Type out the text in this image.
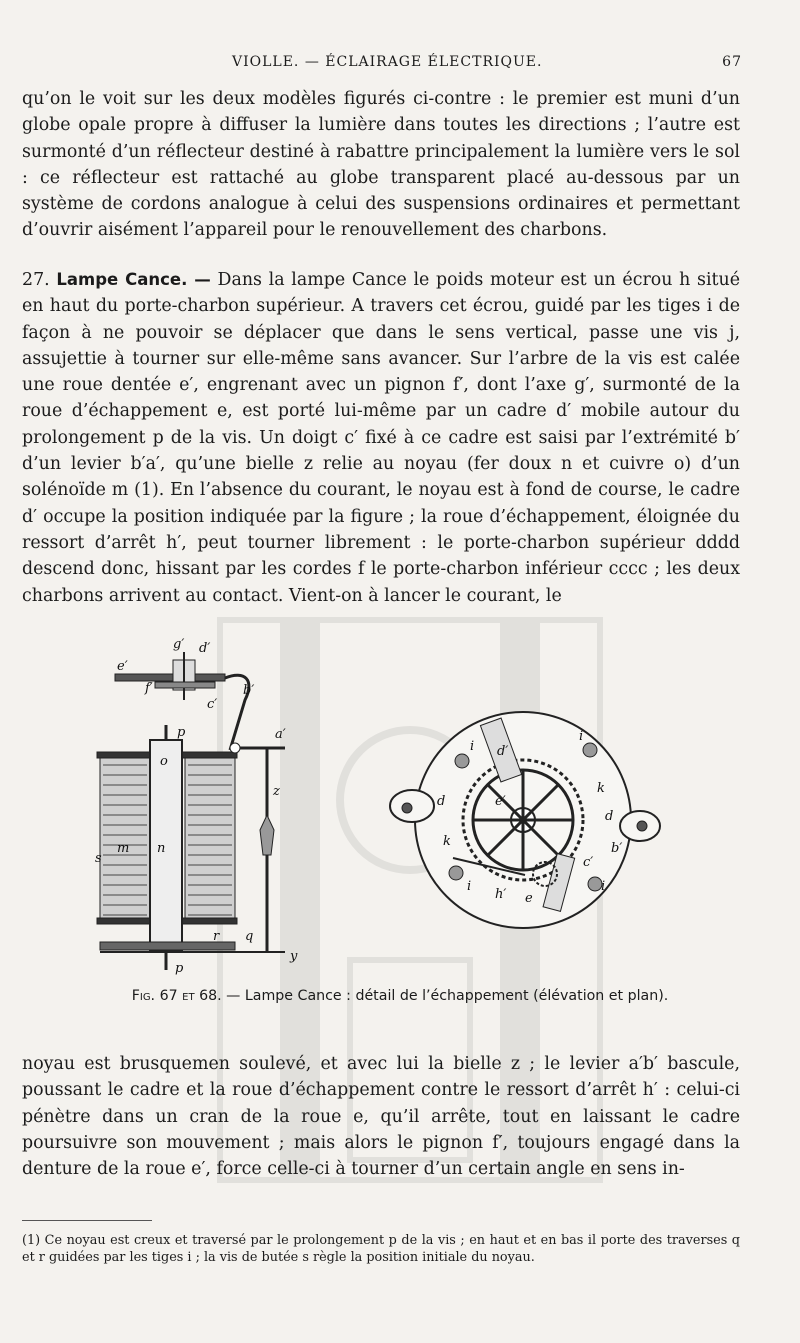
VIOLLE. — ÉCLAIRAGE ÉLECTRIQUE.	67

qu’on le voit sur les deux modèles figurés ci-contre : le premier est muni d’un globe opale propre à diffuser la lumière dans toutes les directions ; l’autre est surmonté d’un réflecteur destiné à rabattre principalement la lumière vers le sol : ce réflecteur est rattaché au globe transparent placé au-dessous par un système de cordons analogue à celui des suspensions ordinaires et permettant d’ouvrir aisément l’appareil pour le renouvellement des charbons.

27. Lampe Cance. — Dans la lampe Cance le poids moteur est un écrou h situé en haut du porte-charbon supérieur. A travers cet écrou, guidé par les tiges i de façon à ne pouvoir se déplacer que dans le sens vertical, passe une vis j, assujettie à tourner sur elle-même sans avancer. Sur l’arbre de la vis est calée une roue dentée e′, engrenant avec un pignon f′, dont l’axe g′, surmonté de la roue d’échappement e, est porté lui-même par un cadre d′ mobile autour du prolongement p de la vis. Un doigt c′ fixé à ce cadre est saisi par l’extrémité b′ d’un levier b′a′, qu’une bielle z relie au noyau (fer doux n et cuivre o) d’un solénoïde m (1). En l’absence du courant, le noyau est à fond de course, le cadre d′ occupe la position indiquée par la figure ; la roue d’échappement, éloignée du ressort d’arrêt h′, peut tourner librement : le porte-charbon supérieur dddd descend donc, hissant par les cordes f le porte-charbon inférieur cccc ; les deux charbons arrivent au contact. Vient-on à lancer le courant, le

g′ d′
e′
f′
c′
b′
a′
p
o
z
m n
s
r q
y
p
i d′
i
d	e′
k
d
k
c′
b′
i
h′ e
i
Fig. 67 et 68. — Lampe Cance : détail de l’échappement (élévation et plan).

noyau est brusquemen soulevé, et avec lui la bielle z ; le levier a′b′ bascule, poussant le cadre et la roue d’échappement contre le ressort d’arrêt h′ : celui-ci pénètre dans un cran de la roue e, qu’il arrête, tout en laissant le cadre poursuivre son mouvement ; mais alors le pignon f′, toujours engagé dans la denture de la roue e′, force celle-ci à tourner d’un certain angle en sens in-

(1) Ce noyau est creux et traversé par le prolongement p de la vis ; en haut et en bas il porte des traverses q et r guidées par les tiges i ; la vis de butée s règle la position initiale du noyau.
